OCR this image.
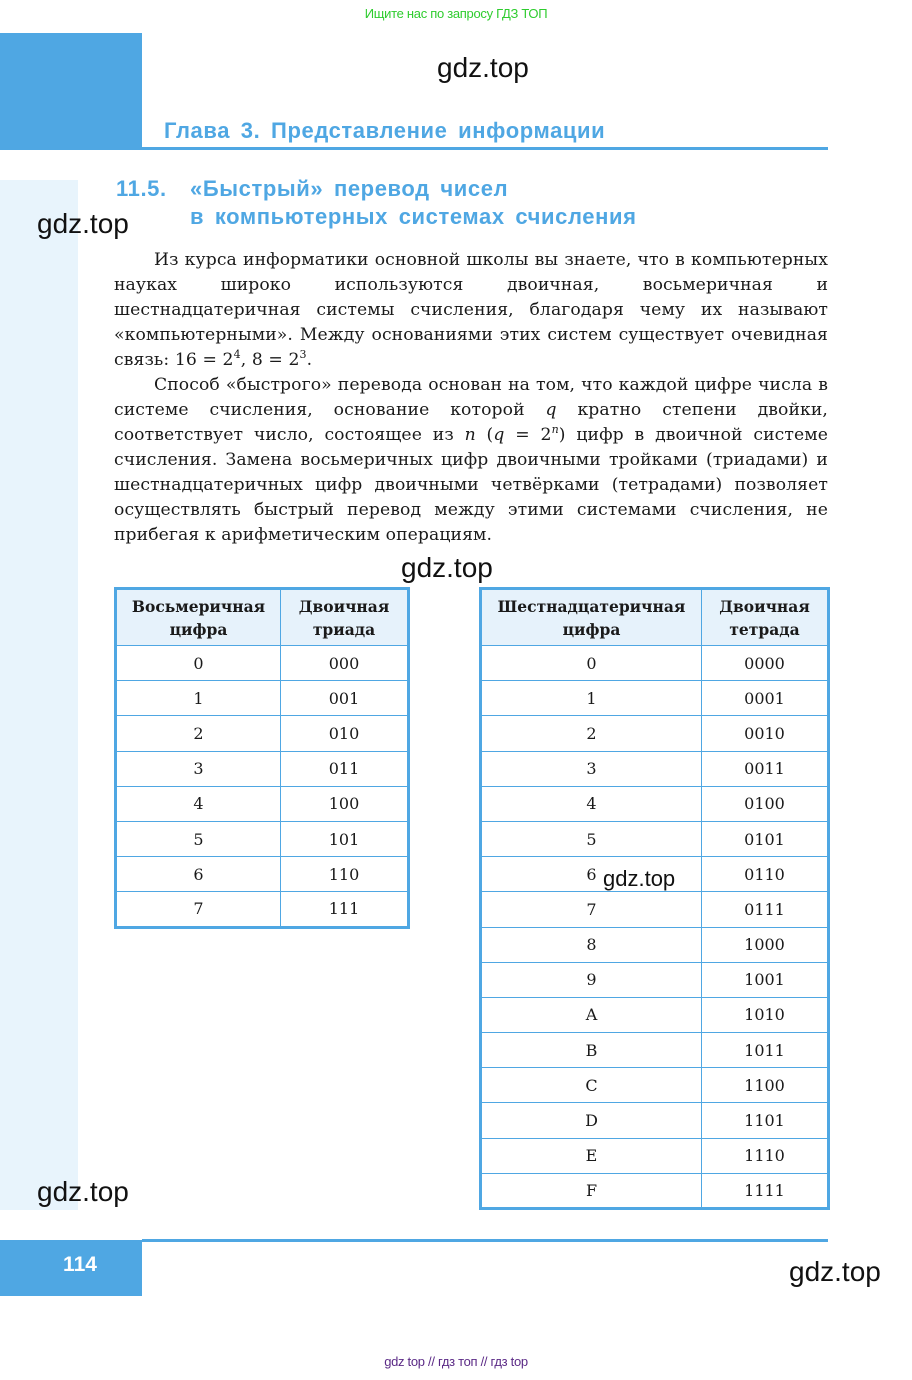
Ищите нас по запросу ГДЗ ТОП
Глава 3. Представление информации
gdz.top
gdz.top
11.5. «Быстрый» перевод чисел
в компьютерных системах счисления

Из курса информатики основной школы вы знаете, что в компьютерных науках широко используются двоичная, восьмеричная и шестнадцатеричная системы счисления, благодаря чему их называют «компьютерными». Между основаниями этих систем существует очевидная связь: $16 = 2^4$, $8 = 2^3$.

Способ «быстрого» перевода основан на том, что каждой цифре числа в системе счисления, основание которой q кратно степени двойки, соответствует число, состоящее из n $(q = 2^n)$ цифр в двоичной системе счисления. Замена восьмеричных цифр двоичными тройками (триадами) и шестнадцатеричных цифр двоичными четвёрками (тетрадами) позволяет осуществлять быстрый перевод между этими системами счисления, не прибегая к арифметическим операциям.

gdz.top
Восьмеричная цифра	Двоичная триада
0	000
1	001
2	010
3	011
4	100
5	101
6	110
7	111
Шестнадцатеричная цифра	Двоичная тетрада
0	0000
1	0001
2	0010
3	0011
4	0100
5	0101
6	0110
7	0111
8	1000
9	1001
A	1010
B	1011
C	1100
D	1101
E	1110
F	1111
gdz.top
gdz.top
114	gdz.top
gdz top // гдз топ // гдз top
